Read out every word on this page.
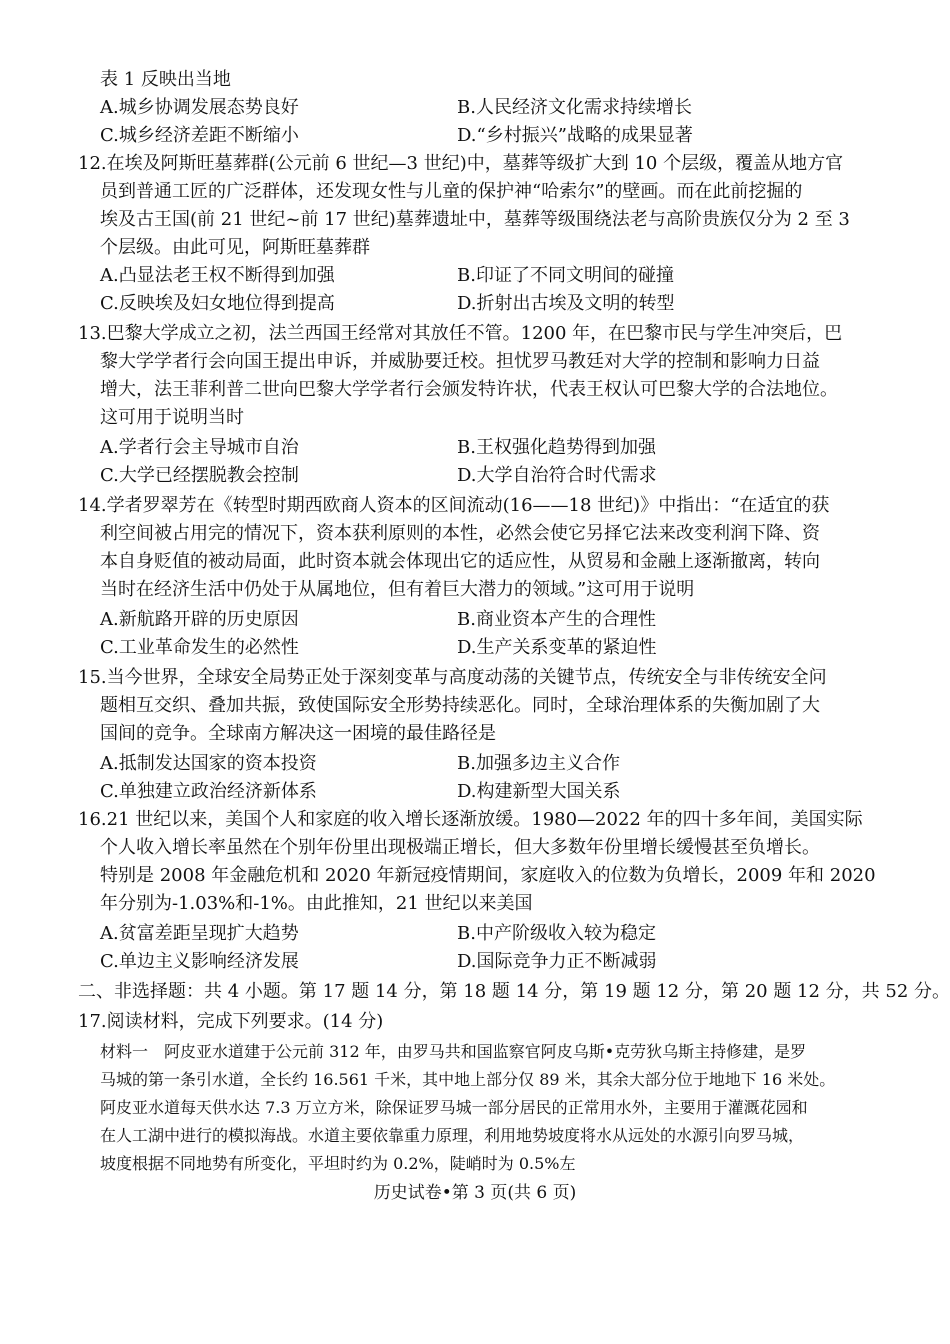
表 1 反映出当地
A.城乡协调发展态势良好	B.人民经济文化需求持续增长
C.城乡经济差距不断缩小	D.“乡村振兴”战略的成果显著
12.在埃及阿斯旺墓葬群(公元前 6 世纪—3 世纪)中，墓葬等级扩大到 10 个层级，覆盖从地方官
员到普通工匠的广泛群体，还发现女性与儿童的保护神“哈索尔”的壁画。而在此前挖掘的
埃及古王国(前 21 世纪~前 17 世纪)墓葬遗址中，墓葬等级围绕法老与高阶贵族仅分为 2 至 3
个层级。由此可见，阿斯旺墓葬群
A.凸显法老王权不断得到加强	B.印证了不同文明间的碰撞
C.反映埃及妇女地位得到提高	D.折射出古埃及文明的转型
13.巴黎大学成立之初，法兰西国王经常对其放任不管。1200 年，在巴黎市民与学生冲突后，巴
黎大学学者行会向国王提出申诉，并威胁要迁校。担忧罗马教廷对大学的控制和影响力日益
增大，法王菲利普二世向巴黎大学学者行会颁发特许状，代表王权认可巴黎大学的合法地位。
这可用于说明当时
A.学者行会主导城市自治	B.王权强化趋势得到加强
C.大学已经摆脱教会控制	D.大学自治符合时代需求
14.学者罗翠芳在《转型时期西欧商人资本的区间流动(16——18 世纪)》中指出：“在适宜的获
利空间被占用完的情况下，资本获利原则的本性，必然会使它另择它法来改变利润下降、资
本自身贬值的被动局面，此时资本就会体现出它的适应性，从贸易和金融上逐渐撤离，转向
当时在经济生活中仍处于从属地位，但有着巨大潜力的领域。”这可用于说明
A.新航路开辟的历史原因	B.商业资本产生的合理性
C.工业革命发生的必然性	D.生产关系变革的紧迫性
15.当今世界，全球安全局势正处于深刻变革与高度动荡的关键节点，传统安全与非传统安全问
题相互交织、叠加共振，致使国际安全形势持续恶化。同时，全球治理体系的失衡加剧了大
国间的竞争。全球南方解决这一困境的最佳路径是
A.抵制发达国家的资本投资	B.加强多边主义合作
C.单独建立政治经济新体系	D.构建新型大国关系
16.21 世纪以来，美国个人和家庭的收入增长逐渐放缓。1980—2022 年的四十多年间，美国实际
个人收入增长率虽然在个别年份里出现极端正增长，但大多数年份里增长缓慢甚至负增长。
特别是 2008 年金融危机和 2020 年新冠疫情期间，家庭收入的位数为负增长，2009 年和 2020
年分别为-1.03%和-1%。由此推知，21 世纪以来美国
A.贫富差距呈现扩大趋势	B.中产阶级收入较为稳定
C.单边主义影响经济发展	D.国际竞争力正不断减弱
二、非选择题：共 4 小题。第 17 题 14 分，第 18 题 14 分，第 19 题 12 分，第 20 题 12 分，共 52 分。
17.阅读材料，完成下列要求。(14 分)
材料一　阿皮亚水道建于公元前 312 年，由罗马共和国监察官阿皮乌斯•克劳狄乌斯主持修建，是罗
马城的第一条引水道，全长约 16.561 千米，其中地上部分仅 89 米，其余大部分位于地地下 16 米处。
阿皮亚水道每天供水达 7.3 万立方米，除保证罗马城一部分居民的正常用水外，主要用于灌溉花园和
在人工湖中进行的模拟海战。水道主要依靠重力原理，利用地势坡度将水从远处的水源引向罗马城，
坡度根据不同地势有所变化，平坦时约为 0.2%，陡峭时为 0.5%左
历史试卷•第 3 页(共 6 页)
